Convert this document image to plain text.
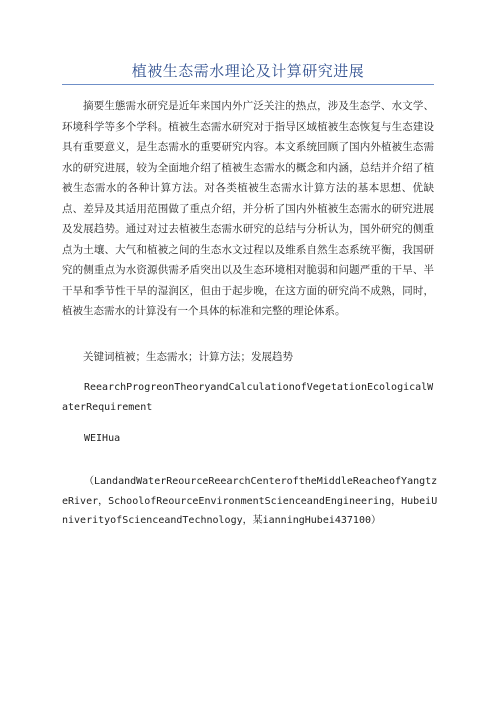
植被生态需水理论及计算研究进展

摘要生態需水研究是近年来国内外广泛关注的热点，涉及生态学、水文学、环境科学等多个学科。植被生态需水研究对于指导区域植被生态恢复与生态建设具有重要意义，是生态需水的重要研究内容。本文系统回顾了国内外植被生态需水的研究进展，较为全面地介绍了植被生态需水的概念和内涵，总结并介绍了植被生态需水的各种计算方法。对各类植被生态需水计算方法的基本思想、优缺点、差异及其适用范围做了重点介绍，并分析了国内外植被生态需水的研究进展及发展趋势。通过对过去植被生态需水研究的总结与分析认为，国外研究的侧重点为土壤、大气和植被之间的生态水文过程以及维系自然生态系统平衡，我国研究的侧重点为水资源供需矛盾突出以及生态环境相对脆弱和问题严重的干旱、半干旱和季节性干旱的湿润区，但由于起步晚，在这方面的研究尚不成熟，同时，植被生态需水的计算没有一个具体的标准和完整的理论体系。

关键词植被；生态需水；计算方法；发展趋势

ReearchProgreonTheoryandCalculationofVegetationEcologicalWaterRequirement

WEIHua

（LandandWaterReourceReearchCenteroftheMiddleReacheofYangtzeRiver，SchoolofReourceEnvironmentScienceandEngineering，HubeiUniverityofScienceandTechnology，某ianningHubei437100）
